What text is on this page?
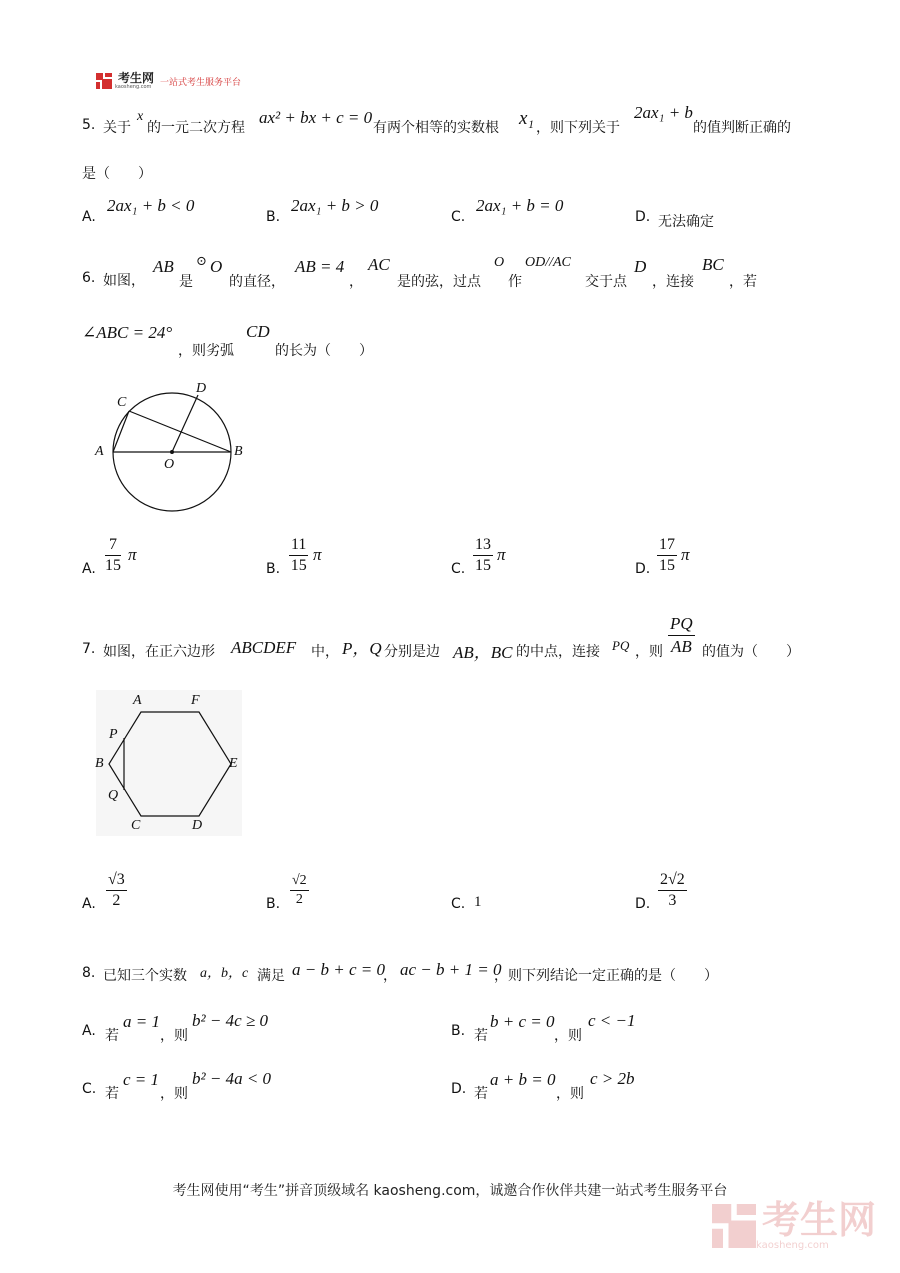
考生网
kaosheng.com 一站式考生服务平台
5. 关于
x
的一元二次方程
ax² + bx + c = 0
有两个相等的实数根 x₁ ，则下列关于
2ax₁ + b
的值判断正确的
是（　　）
A.
2ax₁ + b < 0
B.
2ax₁ + b > 0
C.
2ax₁ + b = 0
D. 无法确定
6. 如图，
AB
是
⊙ O
的直径，
AB = 4
，
AC
是的弦，过点
O
作
OD//AC
交于点
D
，连接
BC
，若
∠ABC = 24°
，则劣弧
CD
的长为（　　）
A	B
C
D
O
A.
7
15
π
B.
11
15
π
C.
13
15
π
D.
17
15
π
7. 如图，在正六边形 ABCDEF 中， P，Q 分别是边 AB，BC 的中点，连接 PQ ，则
PQ
AB 的值为（　　）
A	F
P
B	E
Q
C	D
A.
√3
2	B.
√2
2	C. 1	D.
2√2
3
8. 已知三个实数 a，b，c 满足 a − b + c = 0
， ac − b + 1 = 0
，则下列结论一定正确的是（　　）
A. 若
a = 1
，则
b² − 4c ≥ 0
B. 若
b + c = 0
，则
c < −1
C. 若
c = 1
，则
b² − 4a < 0
D. 若
a + b = 0
，则
c > 2b
考生网使用“考生”拼音顶级域名 kaosheng.com，诚邀合作伙伴共建一站式考生服务平台
考生网
kaosheng.com
